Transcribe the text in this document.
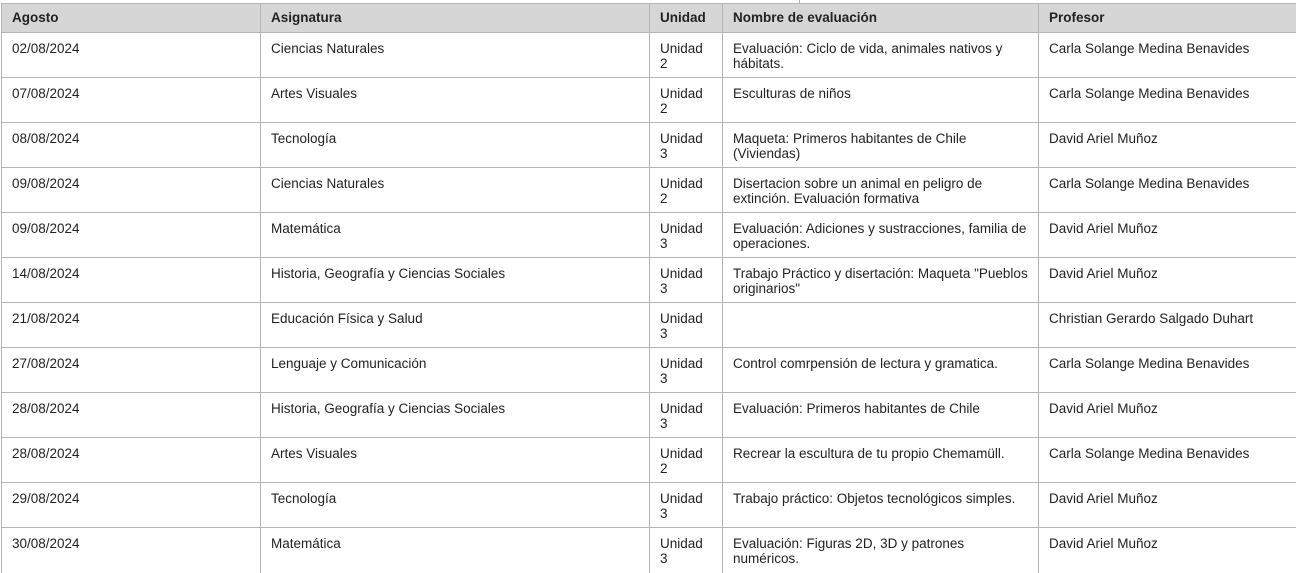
Agosto	Asignatura	Unidad	Nombre de evaluación	Profesor
02/08/2024	Ciencias Naturales	Unidad 2	Evaluación: Ciclo de vida, animales nativos y hábitats.	Carla Solange Medina Benavides
07/08/2024	Artes Visuales	Unidad 2	Esculturas de niños	Carla Solange Medina Benavides
08/08/2024	Tecnología	Unidad 3	Maqueta: Primeros habitantes de Chile (Viviendas)	David Ariel Muñoz
09/08/2024	Ciencias Naturales	Unidad 2	Disertacion sobre un animal en peligro de extinción. Evaluación formativa	Carla Solange Medina Benavides
09/08/2024	Matemática	Unidad 3	Evaluación: Adiciones y sustracciones, familia de operaciones.	David Ariel Muñoz
14/08/2024	Historia, Geografía y Ciencias Sociales	Unidad 3	Trabajo Práctico y disertación: Maqueta "Pueblos originarios"	David Ariel Muñoz
21/08/2024	Educación Física y Salud	Unidad 3		Christian Gerardo Salgado Duhart
27/08/2024	Lenguaje y Comunicación	Unidad 3	Control comrpensión de lectura y gramatica.	Carla Solange Medina Benavides
28/08/2024	Historia, Geografía y Ciencias Sociales	Unidad 3	Evaluación: Primeros habitantes de Chile	David Ariel Muñoz
28/08/2024	Artes Visuales	Unidad 2	Recrear la escultura de tu propio Chemamüll.	Carla Solange Medina Benavides
29/08/2024	Tecnología	Unidad 3	Trabajo práctico: Objetos tecnológicos simples.	David Ariel Muñoz
30/08/2024	Matemática	Unidad 3	Evaluación: Figuras 2D, 3D y patrones numéricos.	David Ariel Muñoz
